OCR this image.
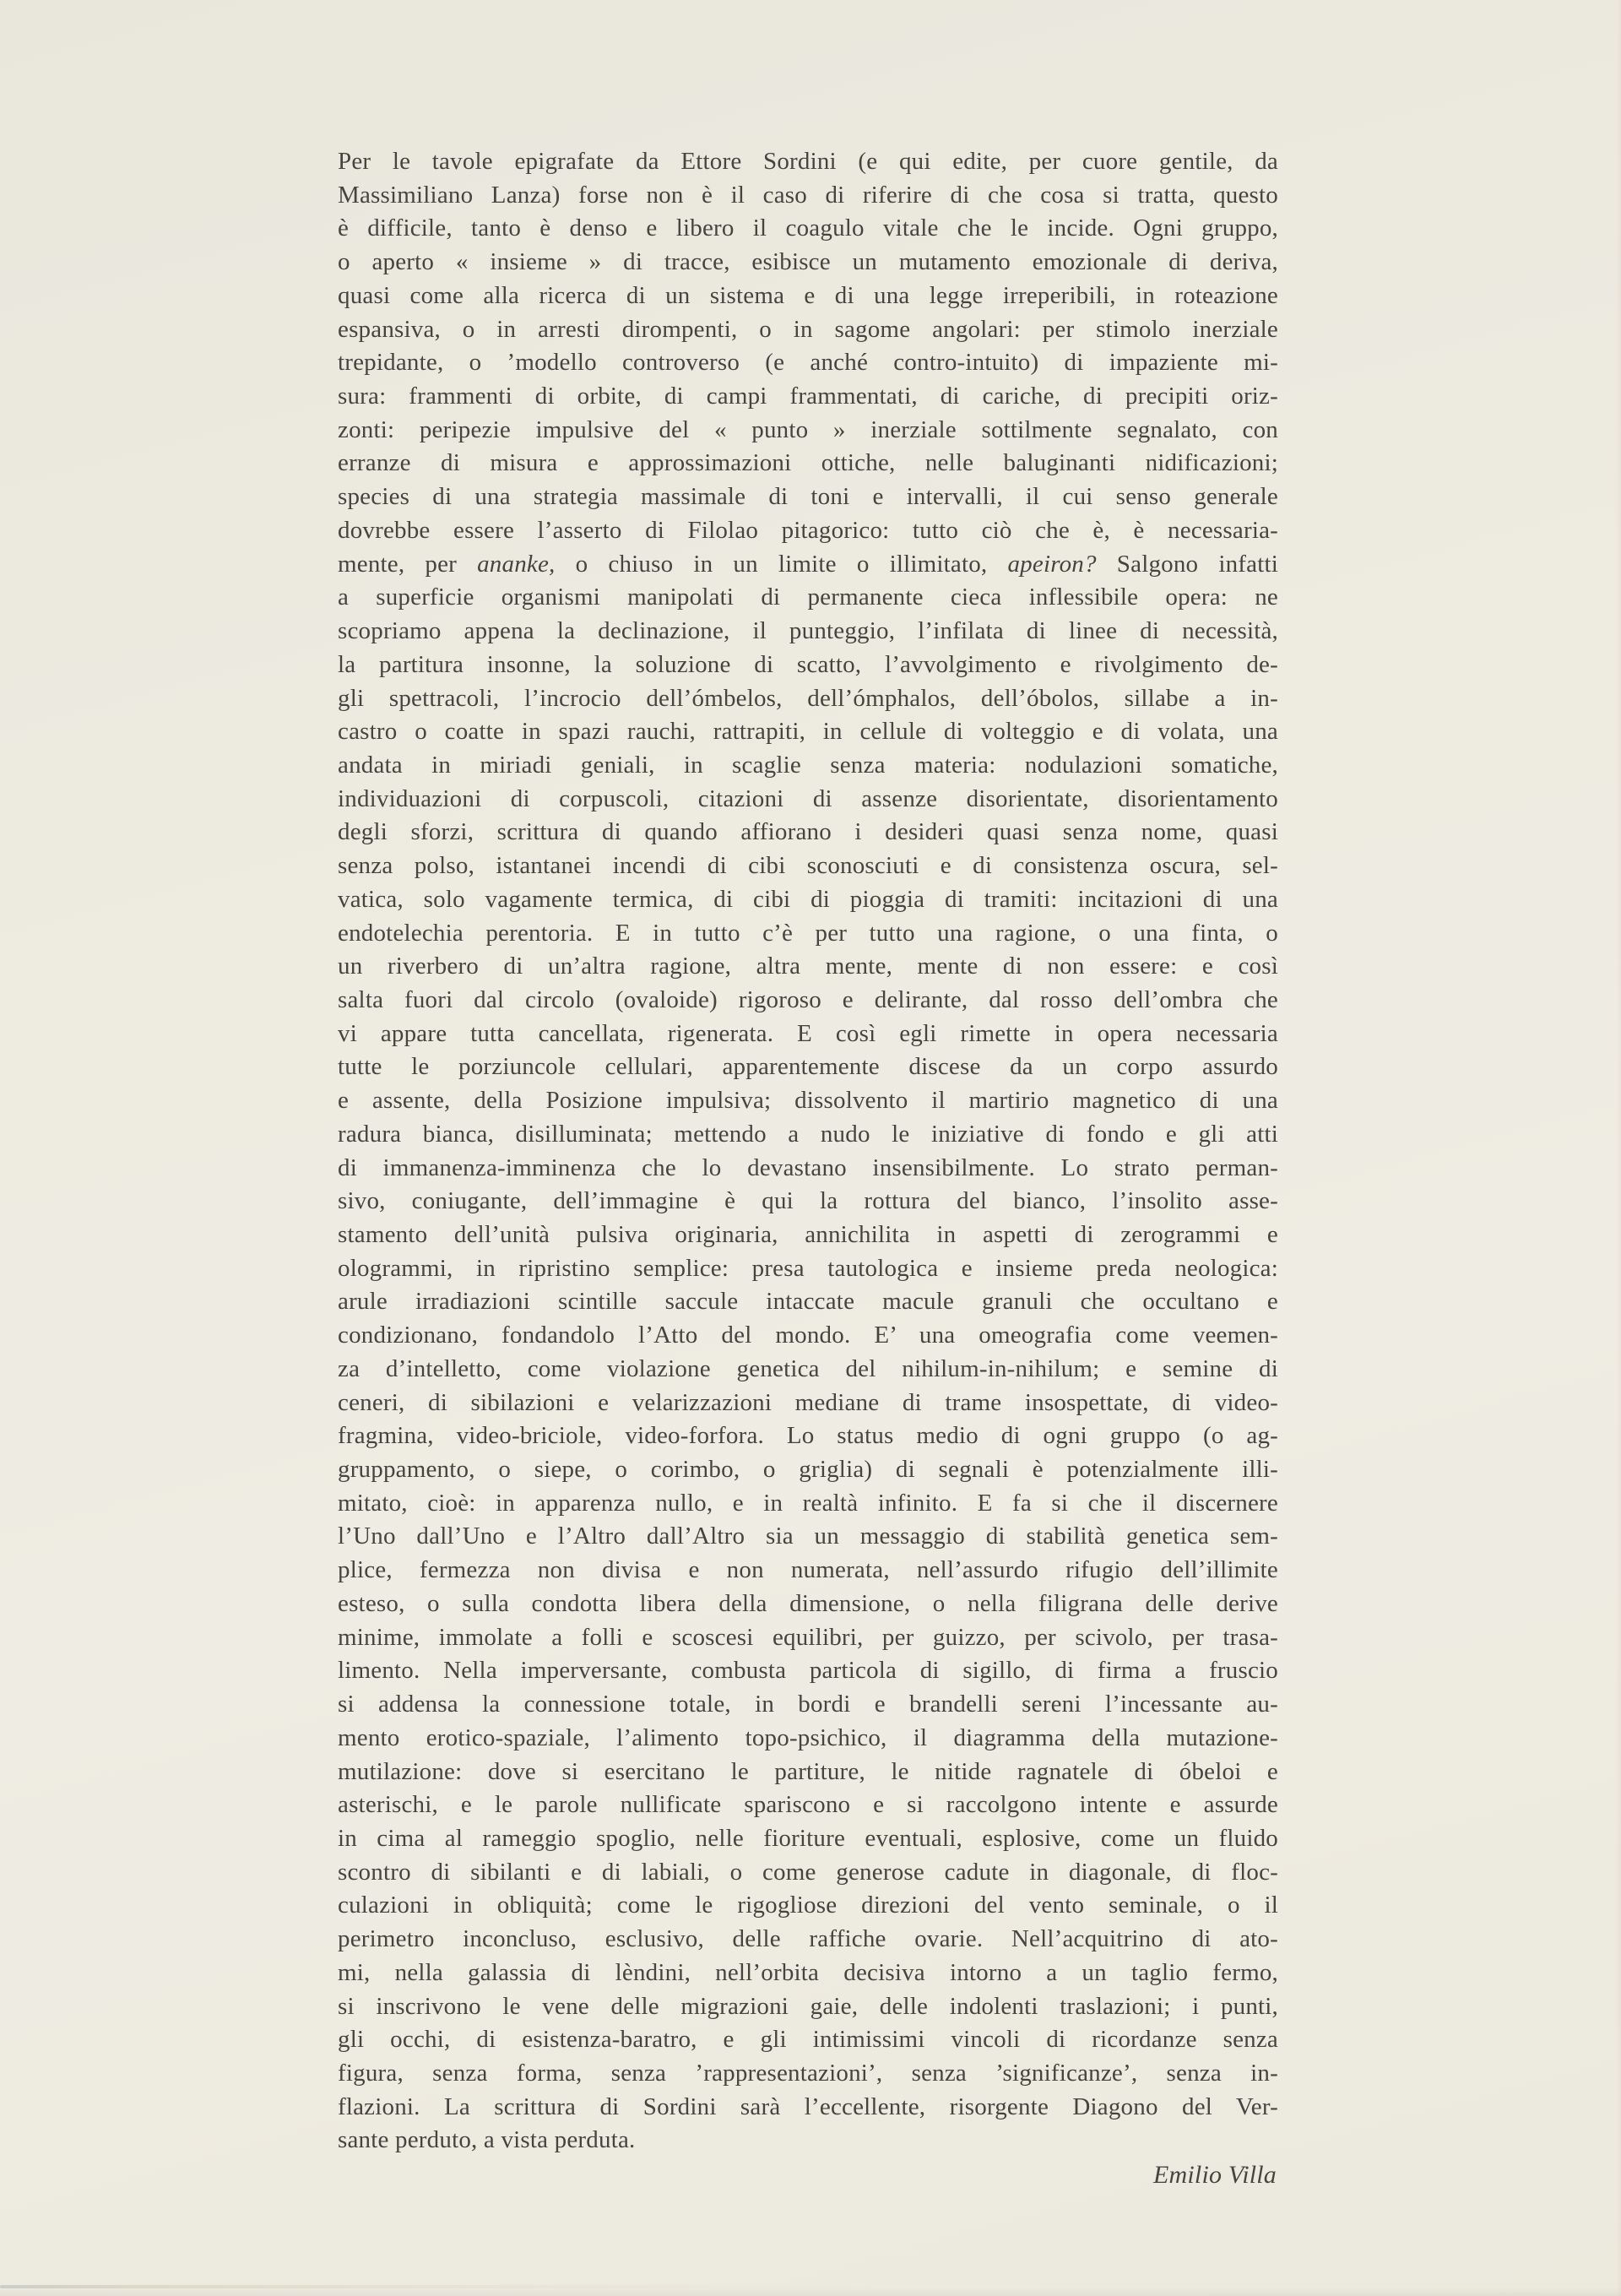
Per le tavole epigrafate da Ettore Sordini (e qui edite, per cuore gentile, da
Massimiliano Lanza) forse non è il caso di riferire di che cosa si tratta, questo
è difficile, tanto è denso e libero il coagulo vitale che le incide. Ogni gruppo,
o aperto « insieme » di tracce, esibisce un mutamento emozionale di deriva,
quasi come alla ricerca di un sistema e di una legge irreperibili, in roteazione
espansiva, o in arresti dirompenti, o in sagome angolari: per stimolo inerziale
trepidante, o ’modello controverso (e anché contro-intuito) di impaziente mi-
sura: frammenti di orbite, di campi frammentati, di cariche, di precipiti oriz-
zonti: peripezie impulsive del « punto » inerziale sottilmente segnalato, con
erranze di misura e approssimazioni ottiche, nelle baluginanti nidificazioni;
species di una strategia massimale di toni e intervalli, il cui senso generale
dovrebbe essere l’asserto di Filolao pitagorico: tutto ciò che è, è necessaria-
mente, per ananke, o chiuso in un limite o illimitato, apeiron? Salgono infatti
a superficie organismi manipolati di permanente cieca inflessibile opera: ne
scopriamo appena la declinazione, il punteggio, l’infilata di linee di necessità,
la partitura insonne, la soluzione di scatto, l’avvolgimento e rivolgimento de-
gli spettracoli, l’incrocio dell’ómbelos, dell’ómphalos, dell’óbolos, sillabe a in-
castro o coatte in spazi rauchi, rattrapiti, in cellule di volteggio e di volata, una
andata in miriadi geniali, in scaglie senza materia: nodulazioni somatiche,
individuazioni di corpuscoli, citazioni di assenze disorientate, disorientamento
degli sforzi, scrittura di quando affiorano i desideri quasi senza nome, quasi
senza polso, istantanei incendi di cibi sconosciuti e di consistenza oscura, sel-
vatica, solo vagamente termica, di cibi di pioggia di tramiti: incitazioni di una
endotelechia perentoria. E in tutto c’è per tutto una ragione, o una finta, o
un riverbero di un’altra ragione, altra mente, mente di non essere: e così
salta fuori dal circolo (ovaloide) rigoroso e delirante, dal rosso dell’ombra che
vi appare tutta cancellata, rigenerata. E così egli rimette in opera necessaria
tutte le porziuncole cellulari, apparentemente discese da un corpo assurdo
e assente, della Posizione impulsiva; dissolvento il martirio magnetico di una
radura bianca, disilluminata; mettendo a nudo le iniziative di fondo e gli atti
di immanenza-imminenza che lo devastano insensibilmente. Lo strato perman-
sivo, coniugante, dell’immagine è qui la rottura del bianco, l’insolito asse-
stamento dell’unità pulsiva originaria, annichilita in aspetti di zerogrammi e
ologrammi, in ripristino semplice: presa tautologica e insieme preda neologica:
arule irradiazioni scintille saccule intaccate macule granuli che occultano e
condizionano, fondandolo l’Atto del mondo. E’ una omeografia come veemen-
za d’intelletto, come violazione genetica del nihilum-in-nihilum; e semine di
ceneri, di sibilazioni e velarizzazioni mediane di trame insospettate, di video-
fragmina, video-briciole, video-forfora. Lo status medio di ogni gruppo (o ag-
gruppamento, o siepe, o corimbo, o griglia) di segnali è potenzialmente illi-
mitato, cioè: in apparenza nullo, e in realtà infinito. E fa si che il discernere
l’Uno dall’Uno e l’Altro dall’Altro sia un messaggio di stabilità genetica sem-
plice, fermezza non divisa e non numerata, nell’assurdo rifugio dell’illimite
esteso, o sulla condotta libera della dimensione, o nella filigrana delle derive
minime, immolate a folli e scoscesi equilibri, per guizzo, per scivolo, per trasa-
limento. Nella imperversante, combusta particola di sigillo, di firma a fruscio
si addensa la connessione totale, in bordi e brandelli sereni l’incessante au-
mento erotico-spaziale, l’alimento topo-psichico, il diagramma della mutazione-
mutilazione: dove si esercitano le partiture, le nitide ragnatele di óbeloi e
asterischi, e le parole nullificate spariscono e si raccolgono intente e assurde
in cima al rameggio spoglio, nelle fioriture eventuali, esplosive, come un fluido
scontro di sibilanti e di labiali, o come generose cadute in diagonale, di floc-
culazioni in obliquità; come le rigogliose direzioni del vento seminale, o il
perimetro inconcluso, esclusivo, delle raffiche ovarie. Nell’acquitrino di ato-
mi, nella galassia di lèndini, nell’orbita decisiva intorno a un taglio fermo,
si inscrivono le vene delle migrazioni gaie, delle indolenti traslazioni; i punti,
gli occhi, di esistenza-baratro, e gli intimissimi vincoli di ricordanze senza
figura, senza forma, senza ’rappresentazioni’, senza ’significanze’, senza in-
flazioni. La scrittura di Sordini sarà l’eccellente, risorgente Diagono del Ver-
sante perduto, a vista perduta.
Emilio Villa
